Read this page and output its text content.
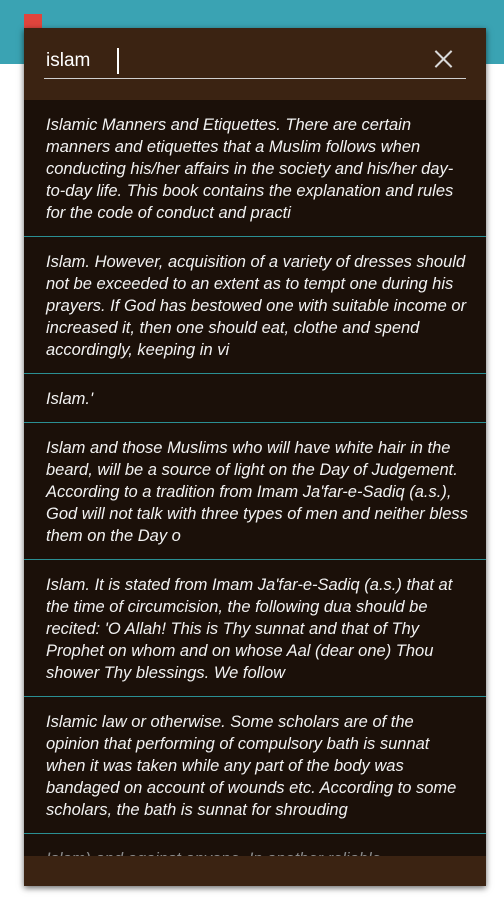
islam
Islamic Manners and Etiquettes. There are certain manners and etiquettes that a Muslim follows when conducting his/her affairs in the society and his/her day-to-day life. This book contains the explanation and rules for the code of conduct and practi
Islam. However, acquisition of a variety of dresses should not be exceeded to an extent as to tempt one during his prayers. If God has bestowed one with suitable income or increased it, then one should eat, clothe and spend accordingly, keeping in vi
Islam.'
Islam and those Muslims who will have white hair in the beard, will be a source of light on the Day of Judgement. According to a tradition from Imam Ja'far-e-Sadiq (a.s.), God will not talk with three types of men and neither bless them on the Day o
Islam. It is stated from Imam Ja'far-e-Sadiq (a.s.) that at the time of circumcision, the following dua should be recited: 'O Allah! This is Thy sunnat and that of Thy Prophet on whom and on whose Aal (dear one) Thou shower Thy blessings. We follow
Islamic law or otherwise. Some scholars are of the opinion that performing of compulsory bath is sunnat when it was taken while any part of the body was bandaged on account of wounds etc. According to some scholars, the bath is sunnat for shrouding
